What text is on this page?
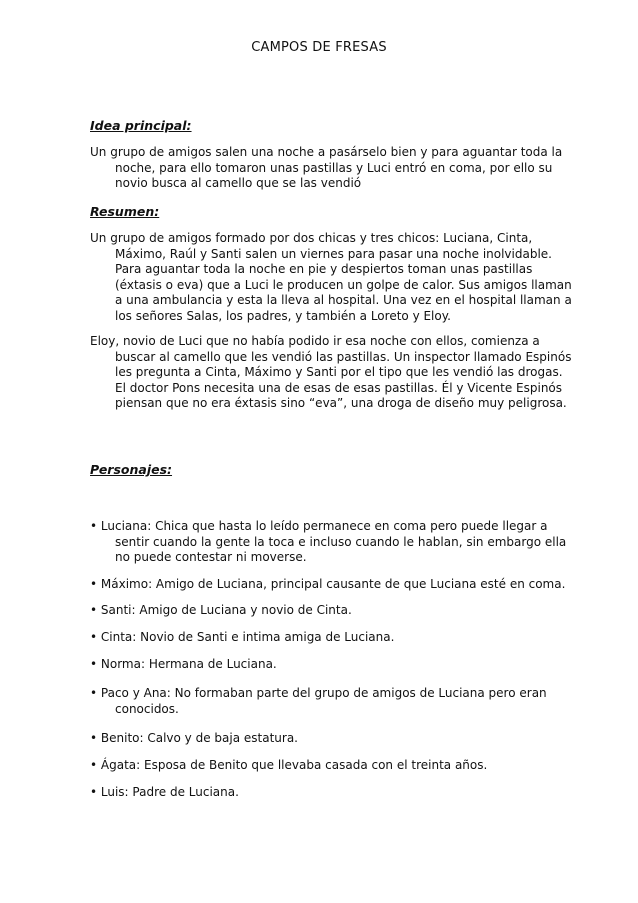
CAMPOS DE FRESAS
Idea principal:

Un grupo de amigos salen una noche a pasárselo bien y para aguantar toda la noche, para ello tomaron unas pastillas y Luci entró en coma, por ello su novio busca al camello que se las vendió

Resumen:

Un grupo de amigos formado por dos chicas y tres chicos: Luciana, Cinta, Máximo, Raúl y Santi salen un viernes para pasar una noche inolvidable. Para aguantar toda la noche en pie y despiertos toman unas pastillas (éxtasis o eva) que a Luci le producen un golpe de calor. Sus amigos llaman a una ambulancia y esta la lleva al hospital. Una vez en el hospital llaman a los señores Salas, los padres, y también a Loreto y Eloy.

Eloy, novio de Luci que no había podido ir esa noche con ellos, comienza a buscar al camello que les vendió las pastillas. Un inspector llamado Espinós les pregunta a Cinta, Máximo y Santi por el tipo que les vendió las drogas. El doctor Pons necesita una de esas de esas pastillas. Él y Vicente Espinós piensan que no era éxtasis sino “eva”, una droga de diseño muy peligrosa.

Personajes:

• Luciana: Chica que hasta lo leído permanece en coma pero puede llegar a sentir cuando la gente la toca e incluso cuando le hablan, sin embargo ella no puede contestar ni moverse.

• Máximo: Amigo de Luciana, principal causante de que Luciana esté en coma.

• Santi: Amigo de Luciana y novio de Cinta.

• Cinta: Novio de Santi e intima amiga de Luciana.

• Norma: Hermana de Luciana.

• Paco y Ana: No formaban parte del grupo de amigos de Luciana pero eran conocidos.

• Benito: Calvo y de baja estatura.

• Ágata: Esposa de Benito que llevaba casada con el treinta años.

• Luis: Padre de Luciana.
